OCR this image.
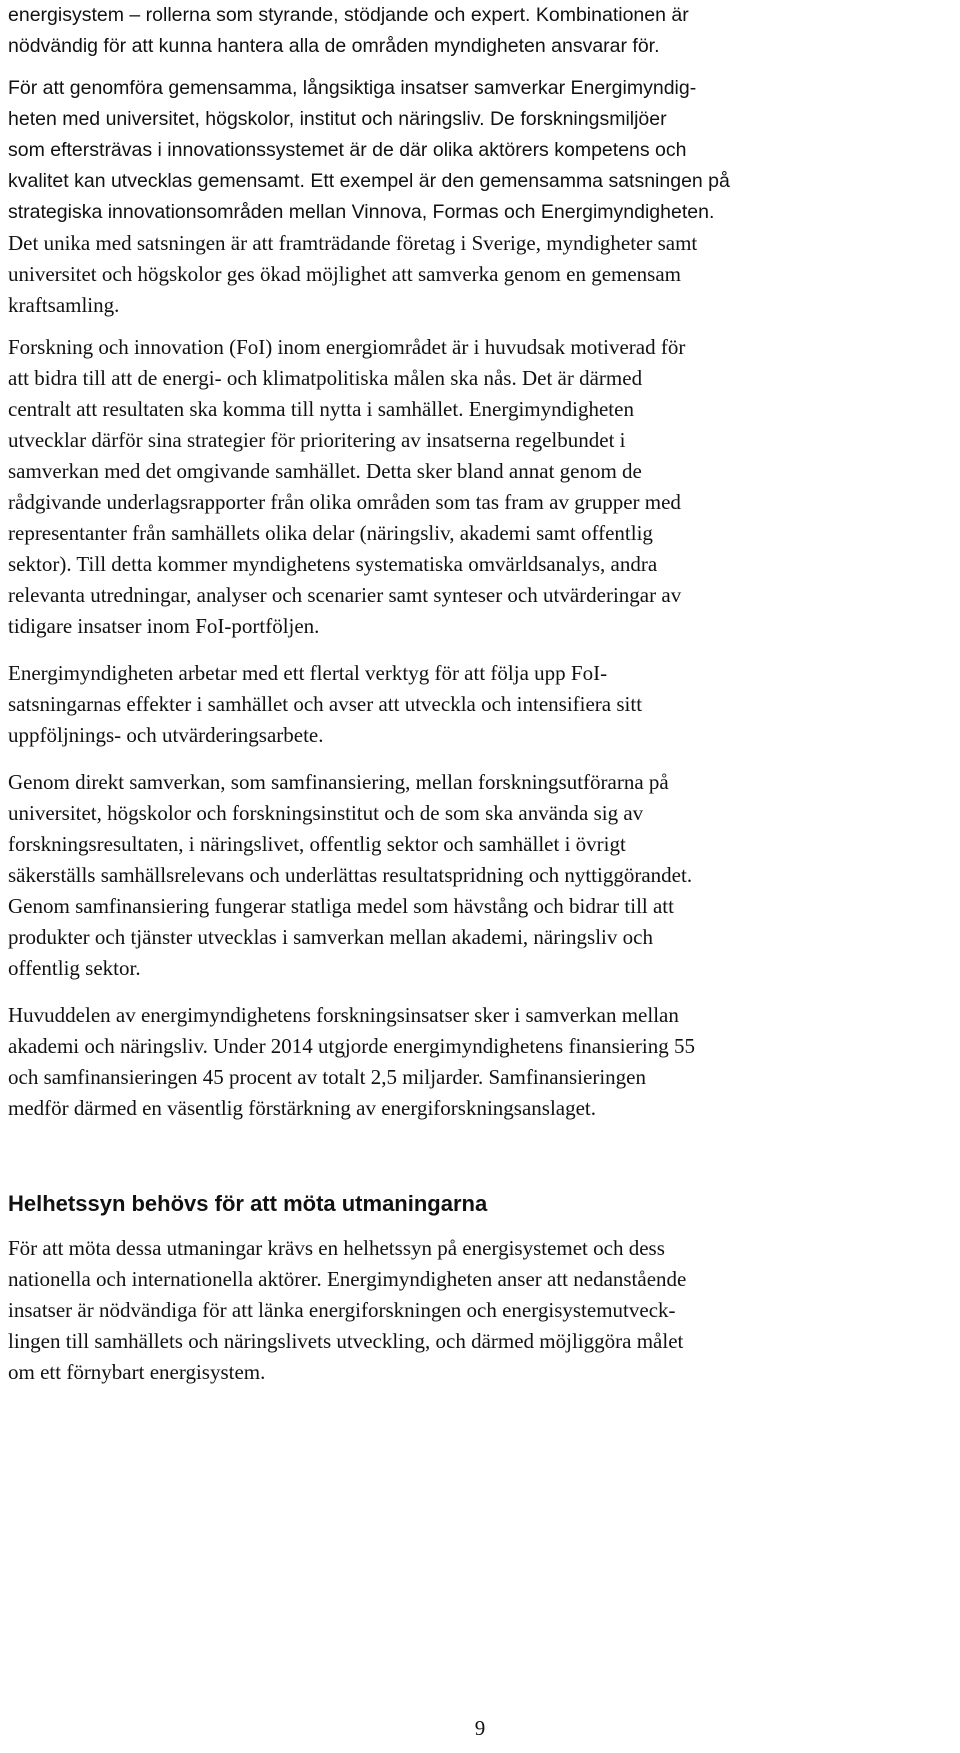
energisystem – rollerna som styrande, stödjande och expert. Kombinationen är
nödvändig för att kunna hantera alla de områden myndigheten ansvarar för.
För att genomföra gemensamma, långsiktiga insatser samverkar Energimyndig-
heten med universitet, högskolor, institut och näringsliv. De forskningsmiljöer
som eftersträvas i innovationssystemet är de där olika aktörers kompetens och
kvalitet kan utvecklas gemensamt. Ett exempel är den gemensamma satsningen på
strategiska innovationsområden mellan Vinnova, Formas och Energimyndigheten.
Det unika med satsningen är att framträdande företag i Sverige, myndigheter samt
universitet och högskolor ges ökad möjlighet att samverka genom en gemensam
kraftsamling.
Forskning och innovation (FoI) inom energiområdet är i huvudsak motiverad för
att bidra till att de energi- och klimatpolitiska målen ska nås. Det är därmed
centralt att resultaten ska komma till nytta i samhället. Energimyndigheten
utvecklar därför sina strategier för prioritering av insatserna regelbundet i
samverkan med det omgivande samhället. Detta sker bland annat genom de
rådgivande underlagsrapporter från olika områden som tas fram av grupper med
representanter från samhällets olika delar (näringsliv, akademi samt offentlig
sektor). Till detta kommer myndighetens systematiska omvärldsanalys, andra
relevanta utredningar, analyser och scenarier samt synteser och utvärderingar av
tidigare insatser inom FoI-portföljen.
Energimyndigheten arbetar med ett flertal verktyg för att följa upp FoI-
satsningarnas effekter i samhället och avser att utveckla och intensifiera sitt
uppföljnings- och utvärderingsarbete.
Genom direkt samverkan, som samfinansiering, mellan forskningsutförarna på
universitet, högskolor och forskningsinstitut och de som ska använda sig av
forskningsresultaten, i näringslivet, offentlig sektor och samhället i övrigt
säkerställs samhällsrelevans och underlättas resultatspridning och nyttiggörandet.
Genom samfinansiering fungerar statliga medel som hävstång och bidrar till att
produkter och tjänster utvecklas i samverkan mellan akademi, näringsliv och
offentlig sektor.
Huvuddelen av energimyndighetens forskningsinsatser sker i samverkan mellan
akademi och näringsliv. Under 2014 utgjorde energimyndighetens finansiering 55
och samfinansieringen 45 procent av totalt 2,5 miljarder. Samfinansieringen
medför därmed en väsentlig förstärkning av energiforskningsanslaget.
Helhetssyn behövs för att möta utmaningarna
För att möta dessa utmaningar krävs en helhetssyn på energisystemet och dess
nationella och internationella aktörer. Energimyndigheten anser att nedanstående
insatser är nödvändiga för att länka energiforskningen och energisystemutveck-
lingen till samhällets och näringslivets utveckling, och därmed möjliggöra målet
om ett förnybart energisystem.
9
